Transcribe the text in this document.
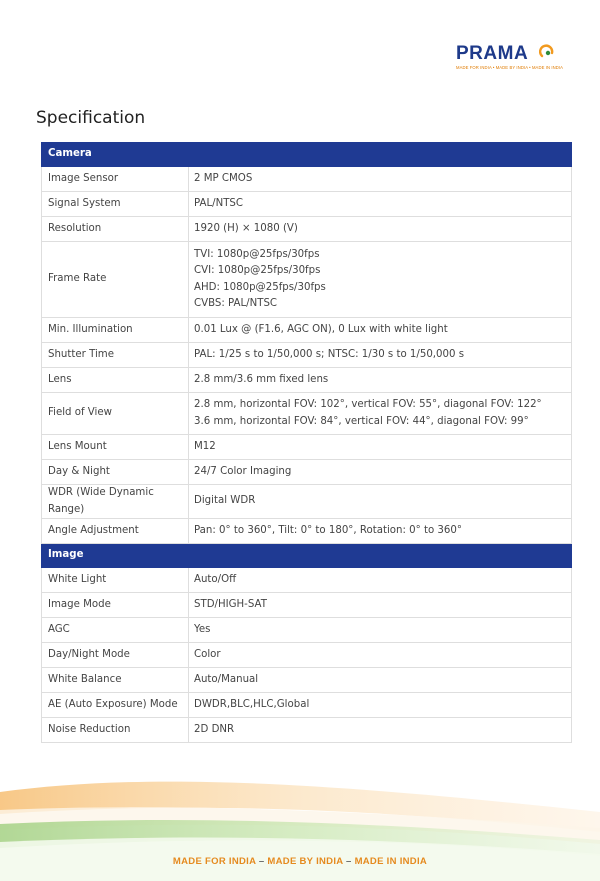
PRAMA
MADE FOR INDIA • MADE BY INDIA • MADE IN INDIA
Specification
Camera	
Image Sensor	2 MP CMOS

Signal System	PAL/NTSC

Resolution	1920 (H) × 1080 (V)

Frame Rate	TVI: 1080p@25fps/30fps
CVI: 1080p@25fps/30fps
AHD: 1080p@25fps/30fps
CVBS: PAL/NTSC

Min. Illumination	0.01 Lux @ (F1.6, AGC ON), 0 Lux with white light

Shutter Time	PAL: 1/25 s to 1/50,000 s; NTSC: 1/30 s to 1/50,000 s

Lens	2.8 mm/3.6 mm fixed lens

Field of View	2.8 mm, horizontal FOV: 102°, vertical FOV: 55°, diagonal FOV: 122°
3.6 mm, horizontal FOV: 84°, vertical FOV: 44°, diagonal FOV: 99°

Lens Mount	M12

Day & Night	24/7 Color Imaging

WDR (Wide Dynamic Range)	Digital WDR

Angle Adjustment	Pan: 0° to 360°, Tilt: 0° to 180°, Rotation: 0° to 360°

Image	
White Light	Auto/Off

Image Mode	STD/HIGH-SAT

AGC	Yes

Day/Night Mode	Color

White Balance	Auto/Manual

AE (Auto Exposure) Mode	DWDR,BLC,HLC,Global

Noise Reduction	2D DNR
MADE FOR INDIA – MADE BY INDIA – MADE IN INDIA
